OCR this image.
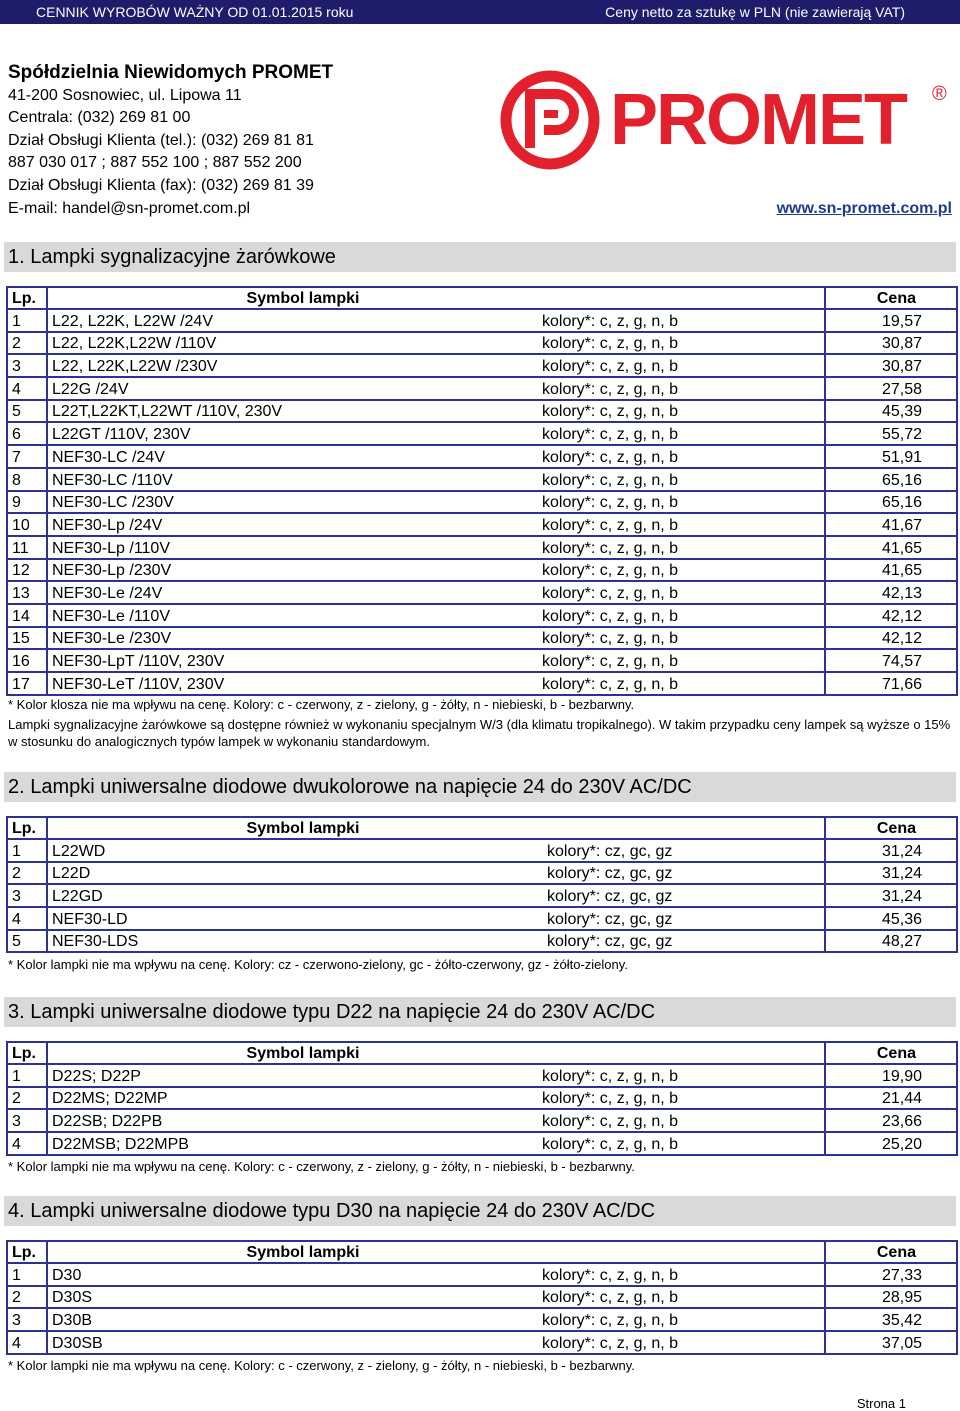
CENNIK WYROBÓW WAŻNY OD 01.01.2015 roku	Ceny netto za sztukę w PLN (nie zawierają VAT)
Spółdzielnia Niewidomych PROMET
41-200 Sosnowiec, ul. Lipowa 11
Centrala: (032) 269 81 00
Dział Obsługi Klienta (tel.): (032) 269 81 81
887 030 017 ; 887 552 100 ; 887 552 200
Dział Obsługi Klienta (fax): (032) 269 81 39
E-mail: handel@sn-promet.com.pl
PROMET ®
www.sn-promet.com.pl
1. Lampki sygnalizacyjne żarówkowe
Lp.	Symbol lampki	Cena
1	L22, L22K, L22W /24V kolory*: c, z, g, n, b	19,57
2	L22, L22K,L22W /110V kolory*: c, z, g, n, b	30,87
3	L22, L22K,L22W /230V kolory*: c, z, g, n, b	30,87
4	L22G /24V kolory*: c, z, g, n, b	27,58
5	L22T,L22KT,L22WT /110V, 230V kolory*: c, z, g, n, b	45,39
6	L22GT /110V, 230V kolory*: c, z, g, n, b	55,72
7	NEF30-LC /24V kolory*: c, z, g, n, b	51,91
8	NEF30-LC /110V kolory*: c, z, g, n, b	65,16
9	NEF30-LC /230V kolory*: c, z, g, n, b	65,16
10	NEF30-Lp /24V kolory*: c, z, g, n, b	41,67
11	NEF30-Lp /110V kolory*: c, z, g, n, b	41,65
12	NEF30-Lp /230V kolory*: c, z, g, n, b	41,65
13	NEF30-Le /24V kolory*: c, z, g, n, b	42,13
14	NEF30-Le /110V kolory*: c, z, g, n, b	42,12
15	NEF30-Le /230V kolory*: c, z, g, n, b	42,12
16	NEF30-LpT /110V, 230V kolory*: c, z, g, n, b	74,57
17	NEF30-LeT /110V, 230V kolory*: c, z, g, n, b	71,66
* Kolor klosza nie ma wpływu na cenę. Kolory: c - czerwony, z - zielony, g - żółty, n - niebieski, b - bezbarwny.
Lampki sygnalizacyjne żarówkowe są dostępne również w wykonaniu specjalnym W/3 (dla klimatu tropikalnego). W takim przypadku ceny lampek są wyższe o 15% w stosunku do analogicznych typów lampek w wykonaniu standardowym.
2. Lampki uniwersalne diodowe dwukolorowe na napięcie 24 do 230V AC/DC
Lp.	Symbol lampki	Cena
1	L22WD kolory*: cz, gc, gz	31,24
2	L22D kolory*: cz, gc, gz	31,24
3	L22GD kolory*: cz, gc, gz	31,24
4	NEF30-LD kolory*: cz, gc, gz	45,36
5	NEF30-LDS kolory*: cz, gc, gz	48,27
* Kolor lampki nie ma wpływu na cenę. Kolory: cz - czerwono-zielony, gc - żółto-czerwony, gz - żółto-zielony.
3. Lampki uniwersalne diodowe typu D22 na napięcie 24 do 230V AC/DC
Lp.	Symbol lampki	Cena
1	D22S; D22P kolory*: c, z, g, n, b	19,90
2	D22MS; D22MP kolory*: c, z, g, n, b	21,44
3	D22SB; D22PB kolory*: c, z, g, n, b	23,66
4	D22MSB; D22MPB kolory*: c, z, g, n, b	25,20
* Kolor lampki nie ma wpływu na cenę. Kolory: c - czerwony, z - zielony, g - żółty, n - niebieski, b - bezbarwny.
4. Lampki uniwersalne diodowe typu D30 na napięcie 24 do 230V AC/DC
Lp.	Symbol lampki	Cena
1	D30 kolory*: c, z, g, n, b	27,33
2	D30S kolory*: c, z, g, n, b	28,95
3	D30B kolory*: c, z, g, n, b	35,42
4	D30SB kolory*: c, z, g, n, b	37,05
* Kolor lampki nie ma wpływu na cenę. Kolory: c - czerwony, z - zielony, g - żółty, n - niebieski, b - bezbarwny.
Strona 1
